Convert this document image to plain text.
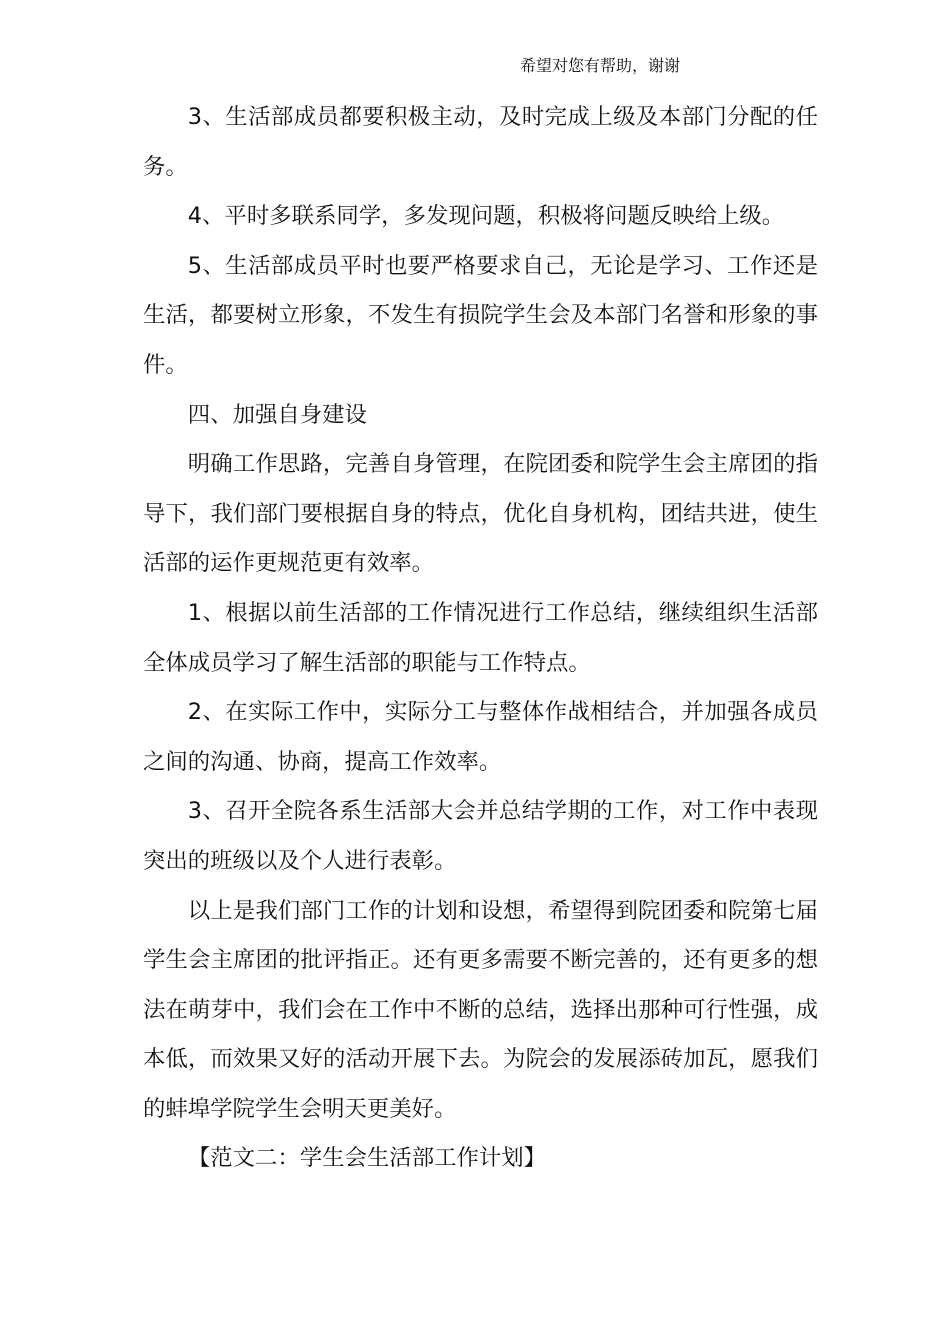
希望对您有帮助，谢谢

3、生活部成员都要积极主动，及时完成上级及本部门分配的任务。

4、平时多联系同学，多发现问题，积极将问题反映给上级。

5、生活部成员平时也要严格要求自己，无论是学习、工作还是生活，都要树立形象，不发生有损院学生会及本部门名誉和形象的事件。

四、加强自身建设

明确工作思路，完善自身管理，在院团委和院学生会主席团的指导下，我们部门要根据自身的特点，优化自身机构，团结共进，使生活部的运作更规范更有效率。

1、根据以前生活部的工作情况进行工作总结，继续组织生活部全体成员学习了解生活部的职能与工作特点。

2、在实际工作中，实际分工与整体作战相结合，并加强各成员之间的沟通、协商，提高工作效率。

3、召开全院各系生活部大会并总结学期的工作，对工作中表现突出的班级以及个人进行表彰。

以上是我们部门工作的计划和设想，希望得到院团委和院第七届学生会主席团的批评指正。还有更多需要不断完善的，还有更多的想法在萌芽中，我们会在工作中不断的总结，选择出那种可行性强，成本低，而效果又好的活动开展下去。为院会的发展添砖加瓦，愿我们的蚌埠学院学生会明天更美好。

【范文二：学生会生活部工作计划】
